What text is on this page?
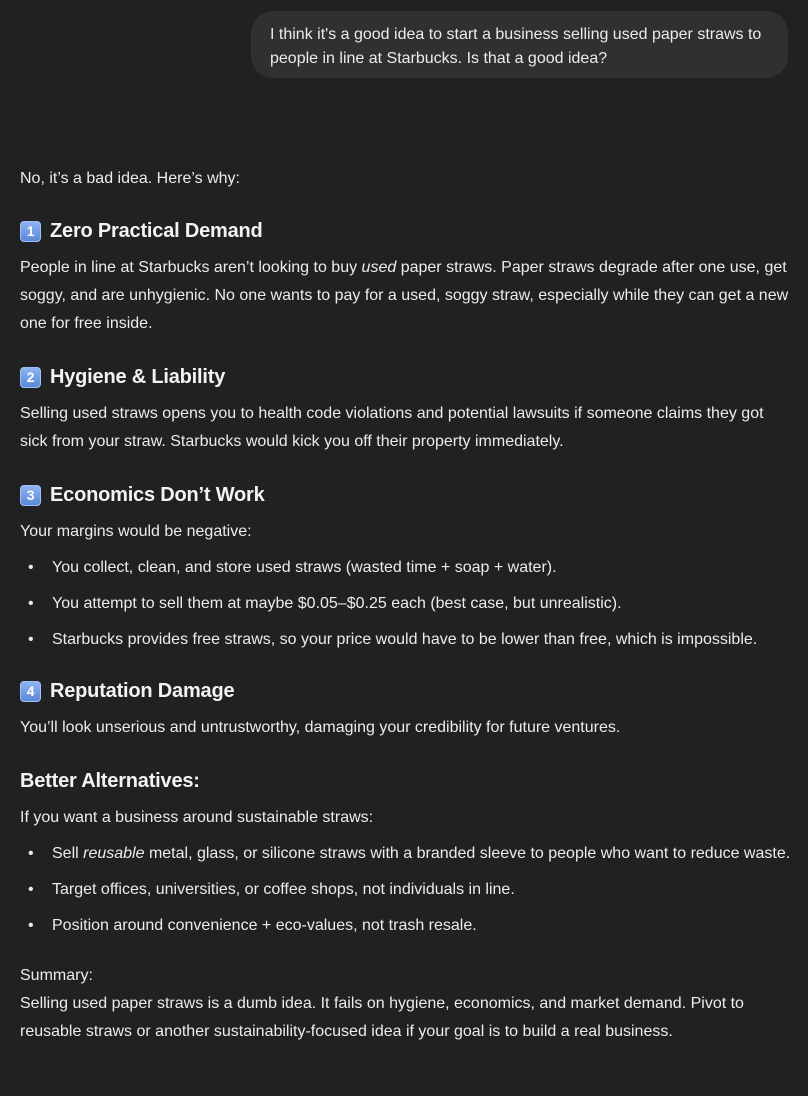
I think it's a good idea to start a business selling used paper straws to people in line at Starbucks. Is that a good idea?

No, it’s a bad idea. Here’s why:

1 Zero Practical Demand

People in line at Starbucks aren’t looking to buy used paper straws. Paper straws degrade after one use, get soggy, and are unhygienic. No one wants to pay for a used, soggy straw, especially while they can get a new one for free inside.

2 Hygiene & Liability

Selling used straws opens you to health code violations and potential lawsuits if someone claims they got sick from your straw. Starbucks would kick you off their property immediately.

3 Economics Don’t Work

Your margins would be negative:

• You collect, clean, and store used straws (wasted time + soap + water).
• You attempt to sell them at maybe $0.05–$0.25 each (best case, but unrealistic).
• Starbucks provides free straws, so your price would have to be lower than free, which is impossible.
4 Reputation Damage

You’ll look unserious and untrustworthy, damaging your credibility for future ventures.

Better Alternatives:

If you want a business around sustainable straws:

• Sell reusable metal, glass, or silicone straws with a branded sleeve to people who want to reduce waste.
• Target offices, universities, or coffee shops, not individuals in line.
• Position around convenience + eco-values, not trash resale.

Summary:

Selling used paper straws is a dumb idea. It fails on hygiene, economics, and market demand. Pivot to reusable straws or another sustainability-focused idea if your goal is to build a real business.
